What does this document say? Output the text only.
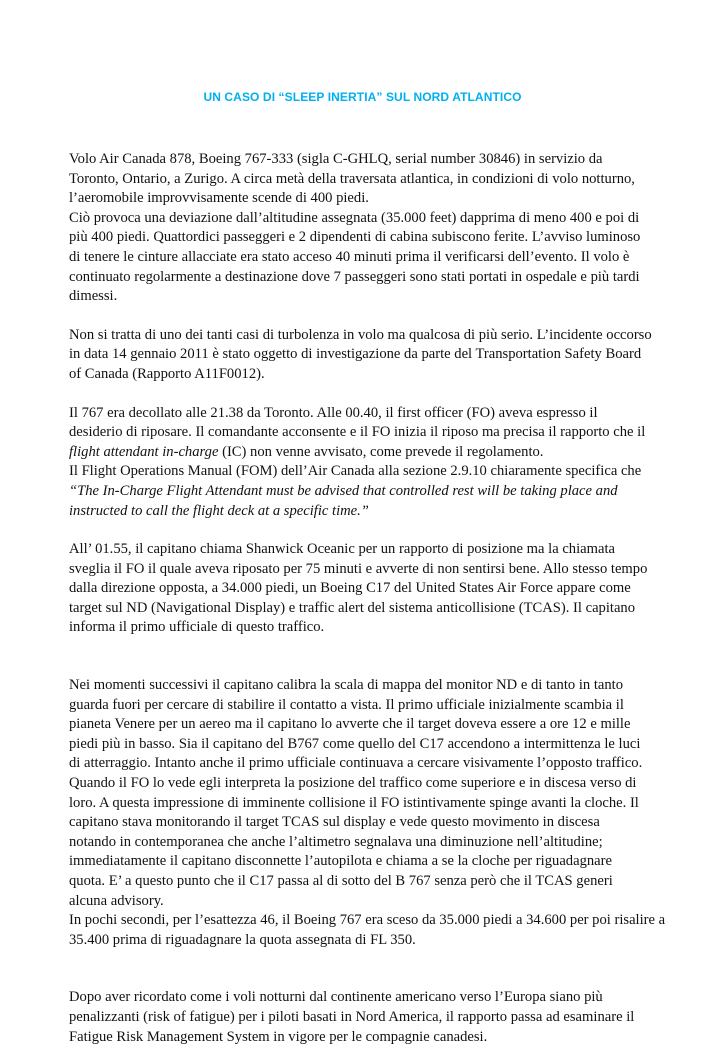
UN CASO DI “SLEEP INERTIA” SUL NORD ATLANTICO

Volo Air Canada 878, Boeing 767-333 (sigla C-GHLQ, serial number 30846) in servizio da
Toronto, Ontario, a Zurigo. A circa metà della traversata atlantica, in condizioni di volo notturno,
l’aeromobile improvvisamente scende di 400 piedi.
Ciò provoca una deviazione dall’altitudine assegnata (35.000 feet) dapprima di meno 400 e poi di
più 400 piedi. Quattordici passeggeri e 2 dipendenti di cabina subiscono ferite. L’avviso luminoso
di tenere le cinture allacciate era stato acceso 40 minuti prima il verificarsi dell’evento. Il volo è
continuato regolarmente a destinazione dove 7 passeggeri sono stati portati in ospedale e più tardi
dimessi.

Non si tratta di uno dei tanti casi di turbolenza in volo ma qualcosa di più serio. L’incidente occorso
in data 14 gennaio 2011 è stato oggetto di investigazione da parte del Transportation Safety Board
of Canada (Rapporto A11F0012).

Il 767 era decollato alle 21.38 da Toronto. Alle 00.40, il first officer (FO) aveva espresso il
desiderio di riposare. Il comandante acconsente e il FO inizia il riposo ma precisa il rapporto che il
flight attendant in-charge (IC) non venne avvisato, come prevede il regolamento.
Il Flight Operations Manual (FOM) dell’Air Canada alla sezione 2.9.10 chiaramente specifica che
“The In-Charge Flight Attendant must be advised that controlled rest will be taking place and
instructed to call the flight deck at a specific time.”

All’ 01.55, il capitano chiama Shanwick Oceanic per un rapporto di posizione ma la chiamata
sveglia il FO il quale aveva riposato per 75 minuti e avverte di non sentirsi bene. Allo stesso tempo
dalla direzione opposta, a 34.000 piedi, un Boeing C17 del United States Air Force appare come
target sul ND (Navigational Display) e traffic alert del sistema anticollisione (TCAS). Il capitano
informa il primo ufficiale di questo traffico.

Nei momenti successivi il capitano calibra la scala di mappa del monitor ND e di tanto in tanto
guarda fuori per cercare di stabilire il contatto a vista. Il primo ufficiale inizialmente scambia il
pianeta Venere per un aereo ma il capitano lo avverte che il target doveva essere a ore 12 e mille
piedi più in basso. Sia il capitano del B767 come quello del C17 accendono a intermittenza le luci
di atterraggio. Intanto anche il primo ufficiale continuava a cercare visivamente l’opposto traffico.
Quando il FO lo vede egli interpreta la posizione del traffico come superiore e in discesa verso di
loro. A questa impressione di imminente collisione il FO istintivamente spinge avanti la cloche. Il
capitano stava monitorando il target TCAS sul display e vede questo movimento in discesa
notando in contemporanea che anche l’altimetro segnalava una diminuzione nell’altitudine;
immediatamente il capitano disconnette l’autopilota e chiama a se la cloche per riguadagnare
quota. E’ a questo punto che il C17 passa al di sotto del B 767 senza però che il TCAS generi
alcuna advisory.
In pochi secondi, per l’esattezza 46, il Boeing 767 era sceso da 35.000 piedi a 34.600 per poi risalire a
35.400 prima di riguadagnare la quota assegnata di FL 350.

Dopo aver ricordato come i voli notturni dal continente americano verso l’Europa siano più
penalizzanti (risk of fatigue) per i piloti basati in Nord America, il rapporto passa ad esaminare il
Fatigue Risk Management System in vigore per le compagnie canadesi.
